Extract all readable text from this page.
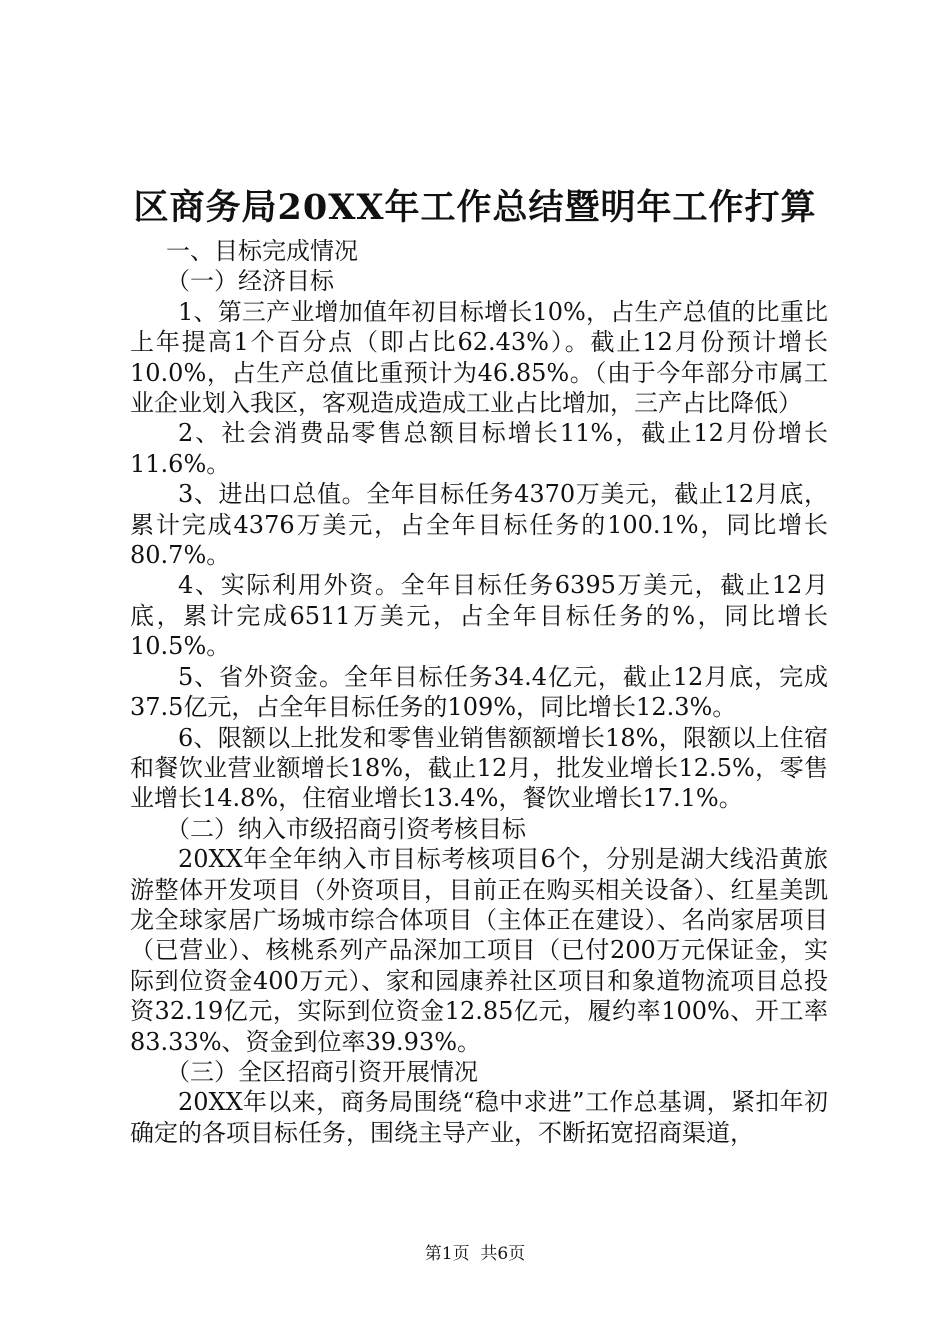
区商务局20XX年工作总结暨明年工作打算

一、目标完成情况

（一）经济目标

1、第三产业增加值年初目标增长10%，占生产总值的比重比上年提高1个百分点（即占比62.43%）。截止12月份预计增长10.0%，占生产总值比重预计为46.85%。（由于今年部分市属工业企业划入我区，客观造成造成工业占比增加，三产占比降低）

2、社会消费品零售总额目标增长11%，截止12月份增长11.6%。

3、进出口总值。全年目标任务4370万美元，截止12月底，累计完成4376万美元，占全年目标任务的100.1%，同比增长80.7%。

4、实际利用外资。全年目标任务6395万美元，截止12月底，累计完成6511万美元，占全年目标任务的%，同比增长10.5%。

5、省外资金。全年目标任务34.4亿元，截止12月底，完成37.5亿元，占全年目标任务的109%，同比增长12.3%。

6、限额以上批发和零售业销售额额增长18%，限额以上住宿和餐饮业营业额增长18%，截止12月，批发业增长12.5%，零售业增长14.8%，住宿业增长13.4%，餐饮业增长17.1%。

（二）纳入市级招商引资考核目标

20XX年全年纳入市目标考核项目6个，分别是湖大线沿黄旅游整体开发项目（外资项目，目前正在购买相关设备）、红星美凯龙全球家居广场城市综合体项目（主体正在建设）、名尚家居项目（已营业）、核桃系列产品深加工项目（已付200万元保证金，实际到位资金400万元）、家和园康养社区项目和象道物流项目总投资32.19亿元，实际到位资金12.85亿元，履约率100%、开工率83.33%、资金到位率39.93%。

（三）全区招商引资开展情况

20XX年以来，商务局围绕“稳中求进”工作总基调，紧扣年初确定的各项目标任务，围绕主导产业，不断拓宽招商渠道，

第1页  共6页
